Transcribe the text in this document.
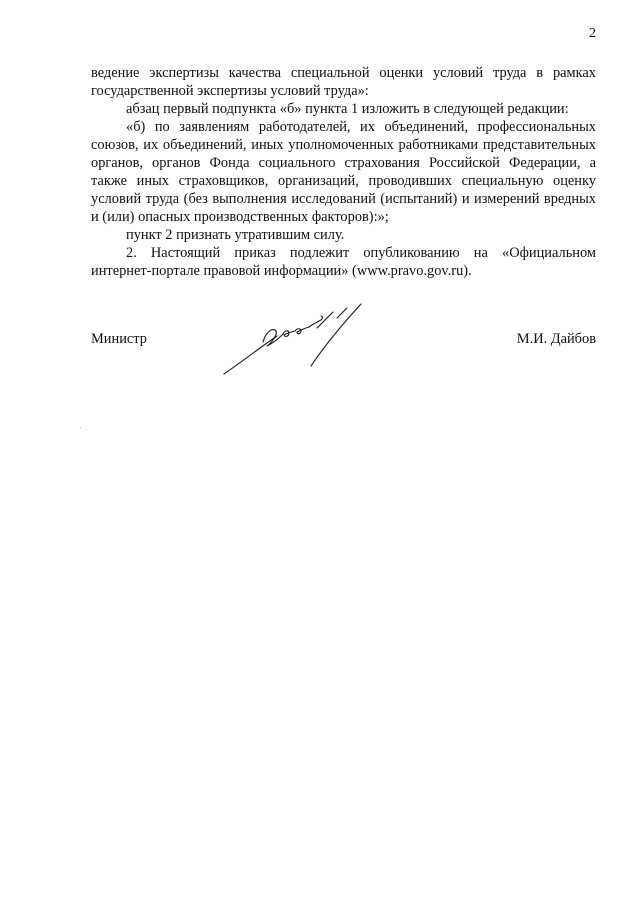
2

ведение экспертизы качества специальной оценки условий труда в рамках государственной экспертизы условий труда»:

абзац первый подпункта «б» пункта 1 изложить в следующей редакции:

«б) по заявлениям работодателей, их объединений, профессиональных союзов, их объединений, иных уполномоченных работниками представительных органов, органов Фонда социального страхования Российской Федерации, а также иных страховщиков, организаций, проводивших специальную оценку условий труда (без выполнения исследований (испытаний) и измерений вредных и (или) опасных производственных факторов):»;

пункт 2 признать утратившим силу.

2. Настоящий приказ подлежит опубликованию на «Официальном интернет-портале правовой информации» (www.pravo.gov.ru).

Министр	М.И. Дайбов
